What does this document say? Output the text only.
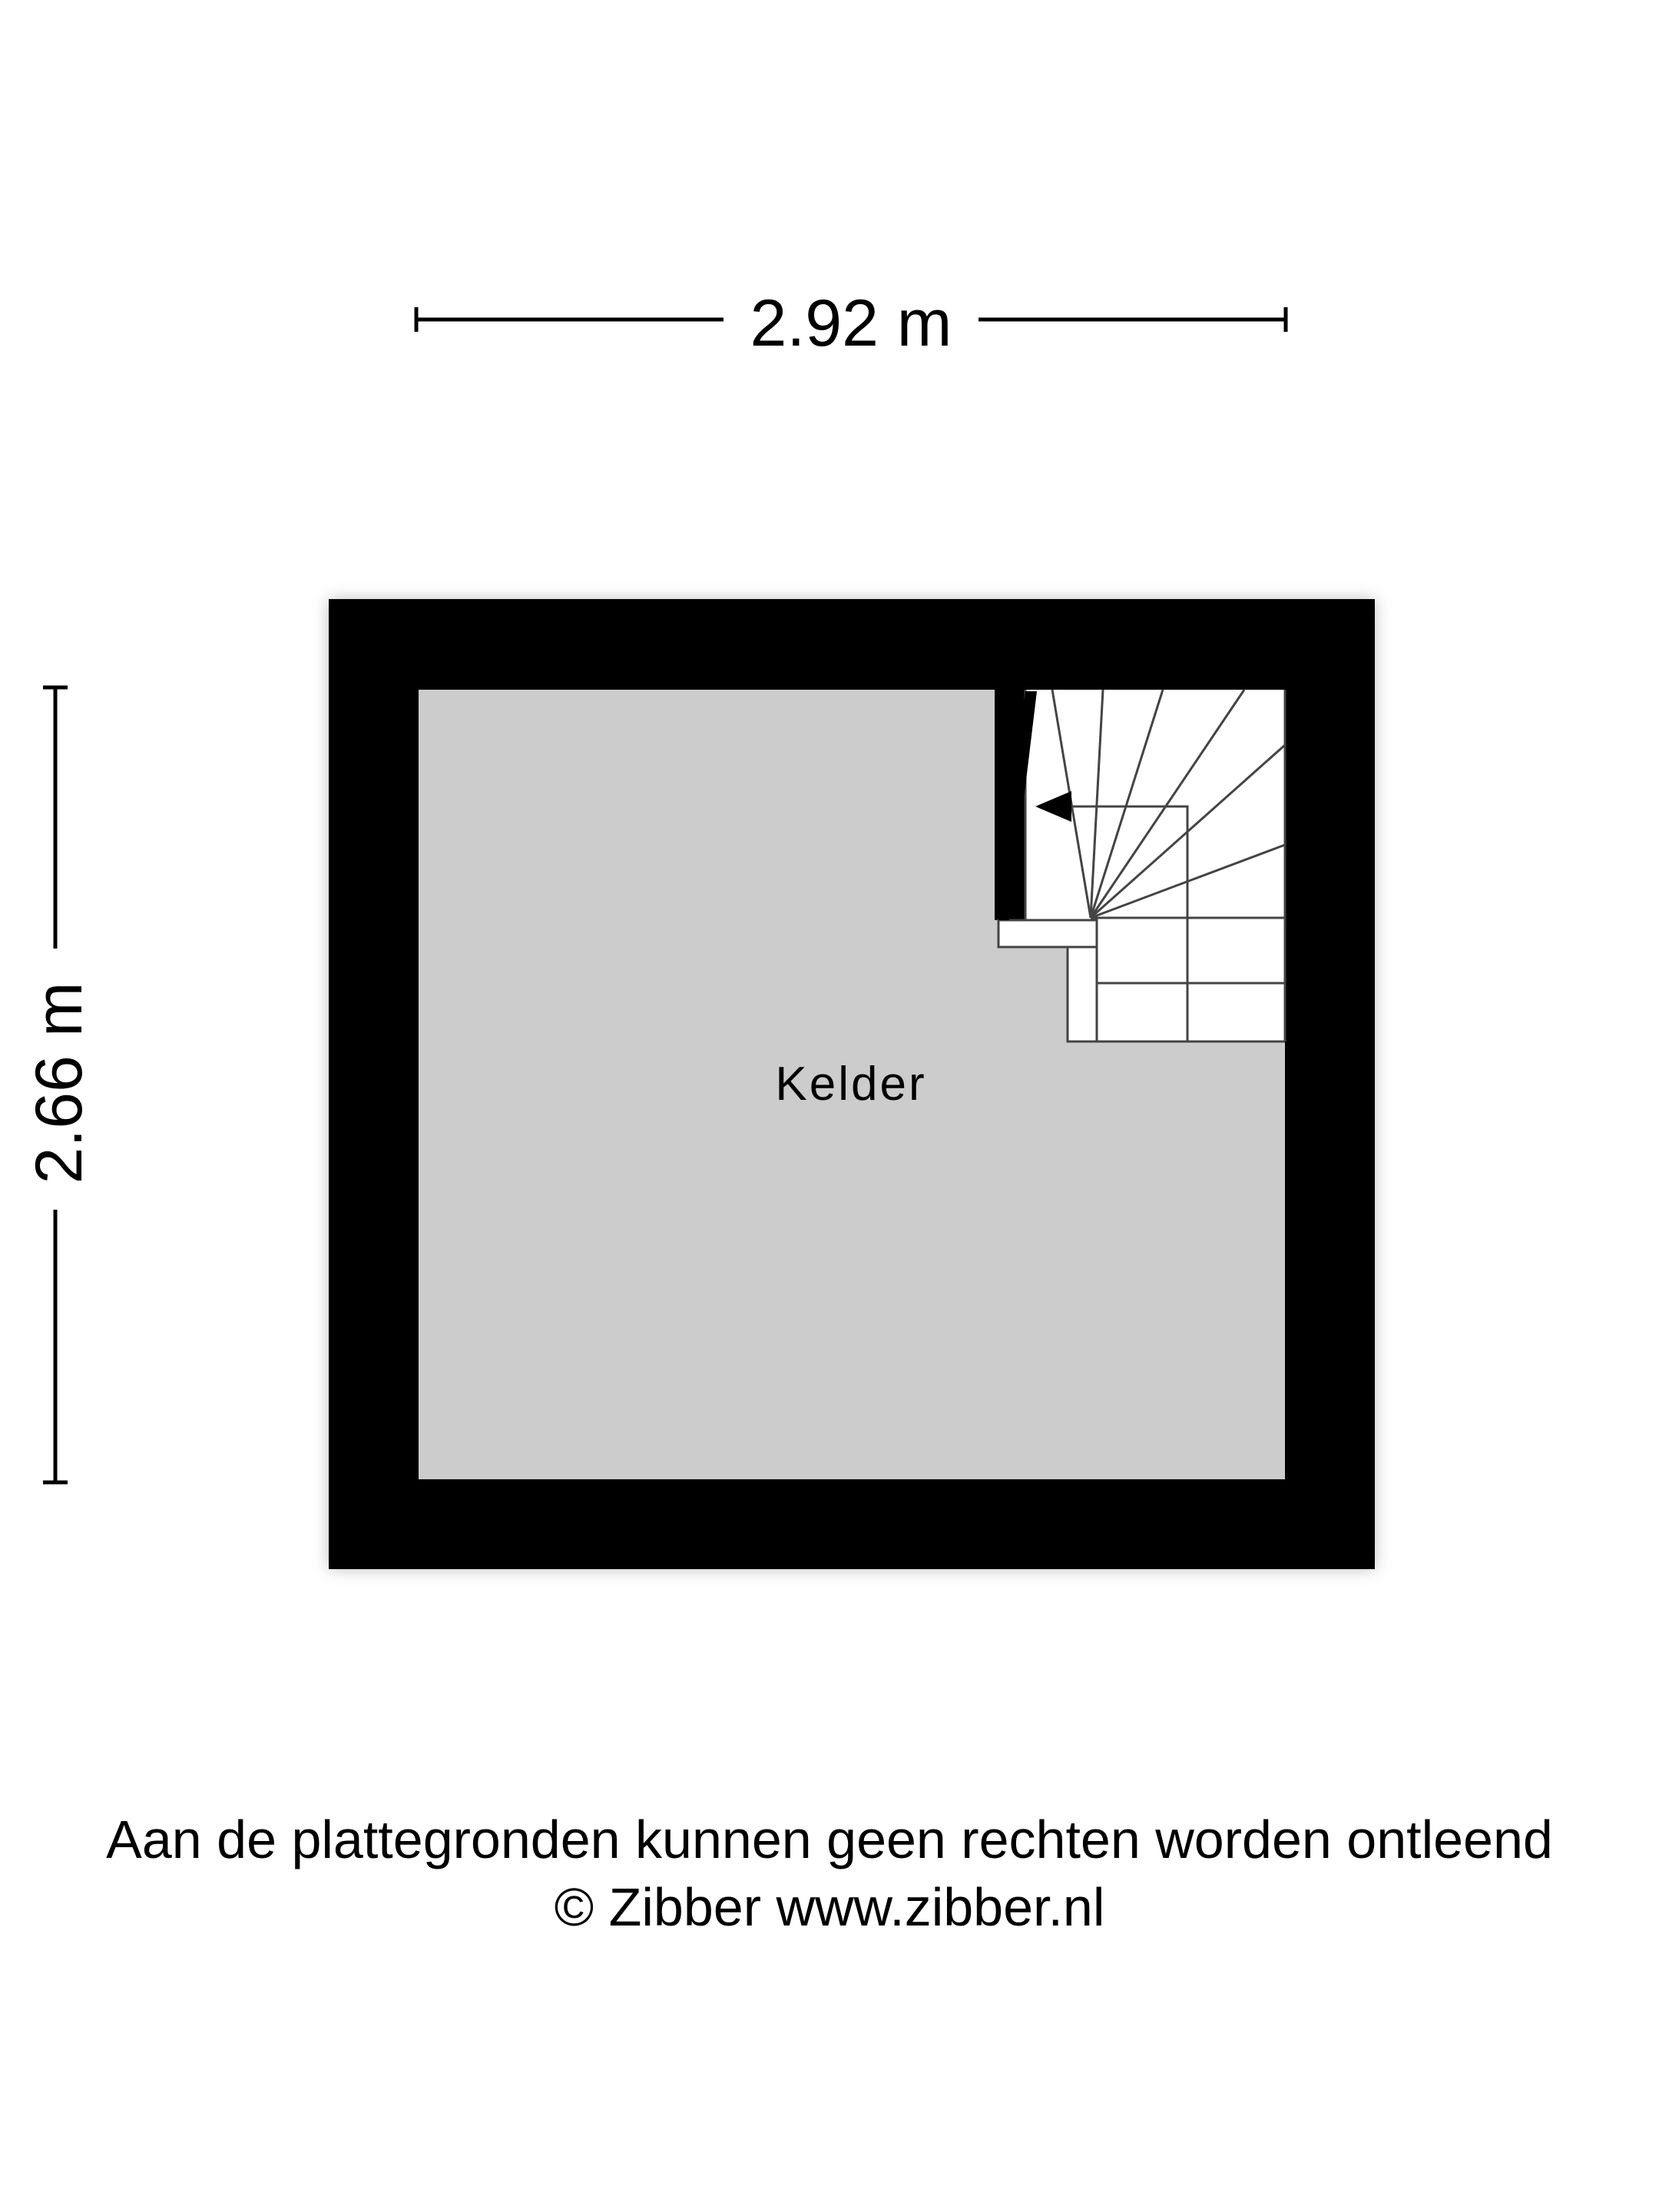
2.92 m
2.66 m	Kelder
Aan de plattegronden kunnen geen rechten worden ontleend
© Zibber www.zibber.nl
